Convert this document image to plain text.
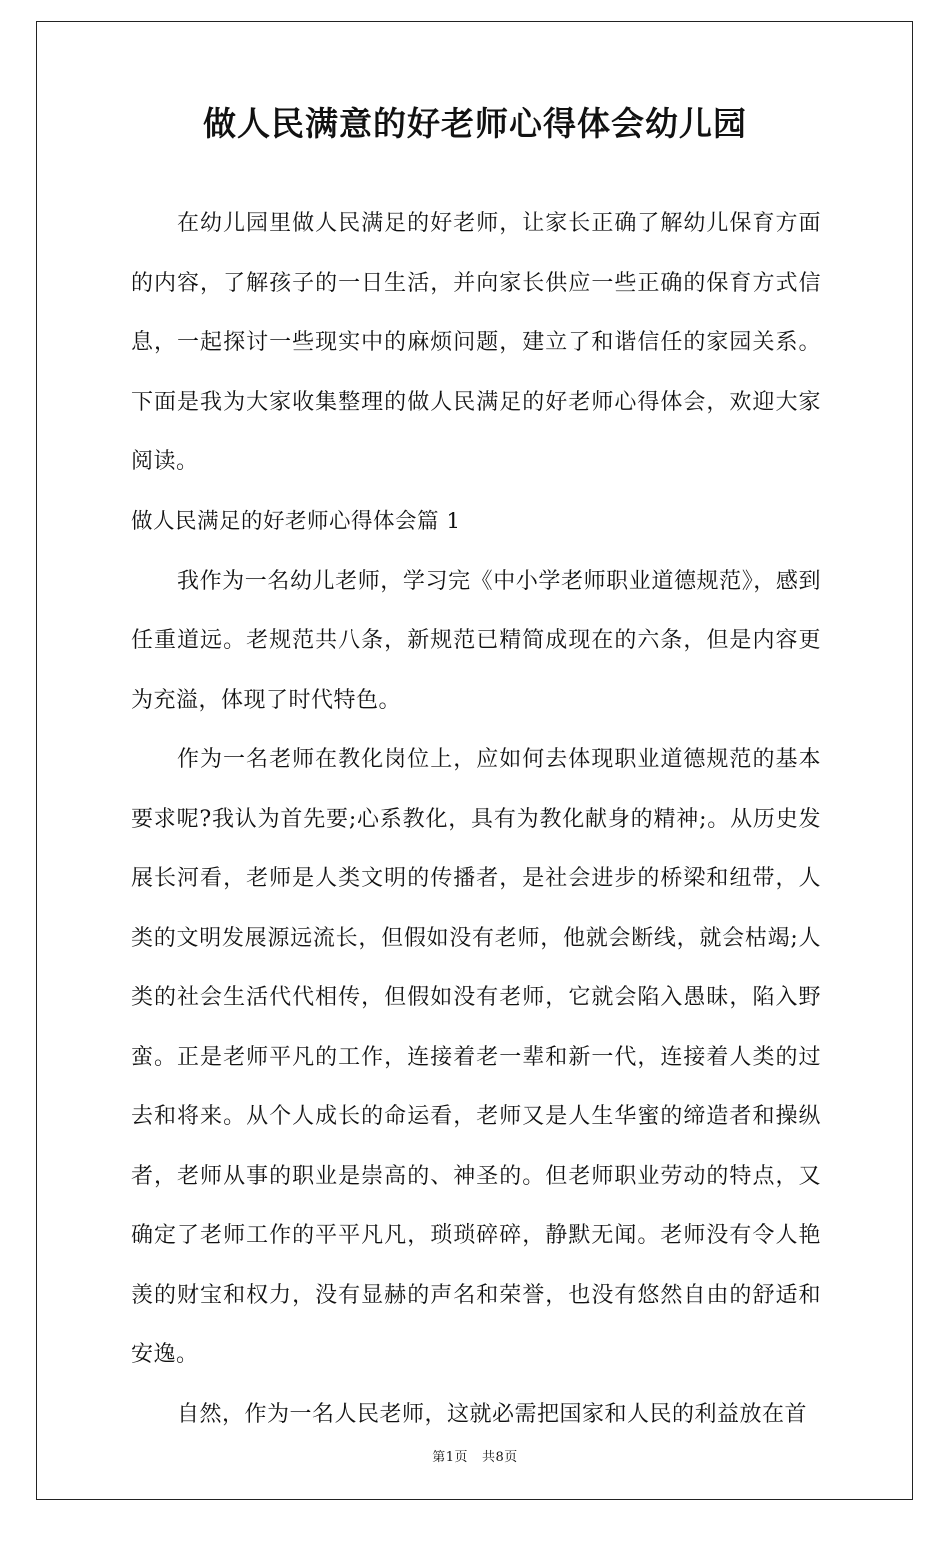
做人民满意的好老师心得体会幼儿园

在幼儿园里做人民满足的好老师，让家长正确了解幼儿保育方面的内容，了解孩子的一日生活，并向家长供应一些正确的保育方式信息，一起探讨一些现实中的麻烦问题，建立了和谐信任的家园关系。下面是我为大家收集整理的做人民满足的好老师心得体会，欢迎大家阅读。

做人民满足的好老师心得体会篇 1

我作为一名幼儿老师，学习完《中小学老师职业道德规范》，感到任重道远。老规范共八条，新规范已精简成现在的六条，但是内容更为充溢，体现了时代特色。

作为一名老师在教化岗位上，应如何去体现职业道德规范的基本要求呢?我认为首先要;心系教化，具有为教化献身的精神;。从历史发展长河看，老师是人类文明的传播者，是社会进步的桥梁和纽带，人类的文明发展源远流长，但假如没有老师，他就会断线，就会枯竭;人类的社会生活代代相传，但假如没有老师，它就会陷入愚昧，陷入野蛮。正是老师平凡的工作，连接着老一辈和新一代，连接着人类的过去和将来。从个人成长的命运看，老师又是人生华蜜的缔造者和操纵者，老师从事的职业是崇高的、神圣的。但老师职业劳动的特点，又确定了老师工作的平平凡凡，琐琐碎碎，静默无闻。老师没有令人艳羡的财宝和权力，没有显赫的声名和荣誉，也没有悠然自由的舒适和安逸。

自然，作为一名人民老师，这就必需把国家和人民的利益放在首

第1页 共8页
